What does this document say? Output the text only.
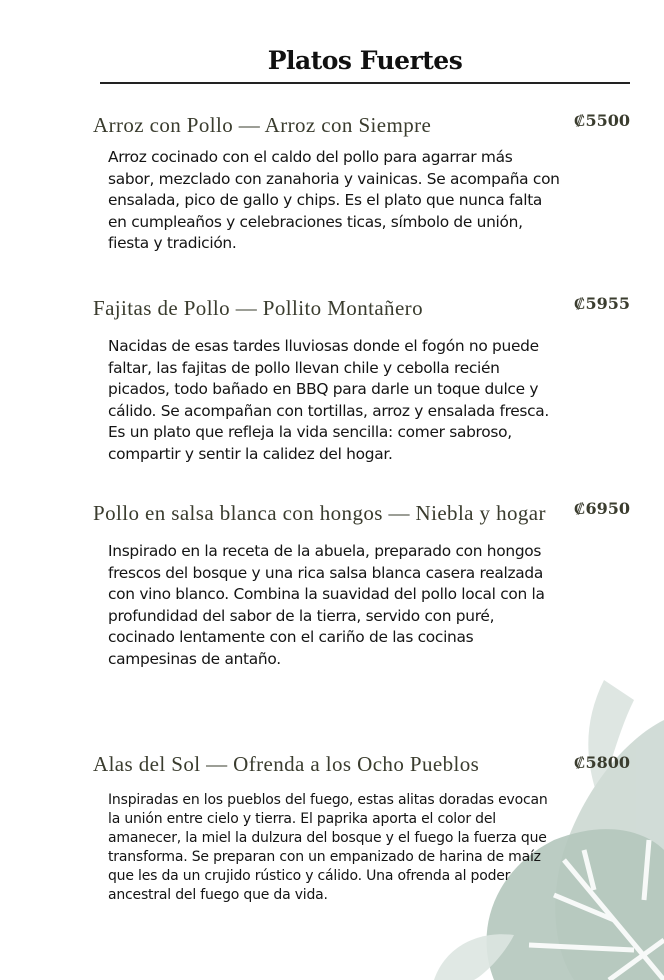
Platos Fuertes
Arroz con Pollo — Arroz con Siempre	₡5500
Arroz cocinado con el caldo del pollo para agarrar más sabor, mezclado con zanahoria y vainicas. Se acompaña con ensalada, pico de gallo y chips. Es el plato que nunca falta en cumpleaños y celebraciones ticas, símbolo de unión, fiesta y tradición.
Fajitas de Pollo — Pollito Montañero	₡5955
Nacidas de esas tardes lluviosas donde el fogón no puede faltar, las fajitas de pollo llevan chile y cebolla recién picados, todo bañado en BBQ para darle un toque dulce y cálido. Se acompañan con tortillas, arroz y ensalada fresca. Es un plato que refleja la vida sencilla: comer sabroso, compartir y sentir la calidez del hogar.
Pollo en salsa blanca con hongos — Niebla y hogar	₡6950
Inspirado en la receta de la abuela, preparado con hongos frescos del bosque y una rica salsa blanca casera realzada con vino blanco. Combina la suavidad del pollo local con la profundidad del sabor de la tierra, servido con puré, cocinado lentamente con el cariño de las cocinas campesinas de antaño.
Alas del Sol — Ofrenda a los Ocho Pueblos	₡5800
Inspiradas en los pueblos del fuego, estas alitas doradas evocan la unión entre cielo y tierra. El paprika aporta el color del amanecer, la miel la dulzura del bosque y el fuego la fuerza que transforma. Se preparan con un empanizado de harina de maíz que les da un crujido rústico y cálido. Una ofrenda al poder ancestral del fuego que da vida.
